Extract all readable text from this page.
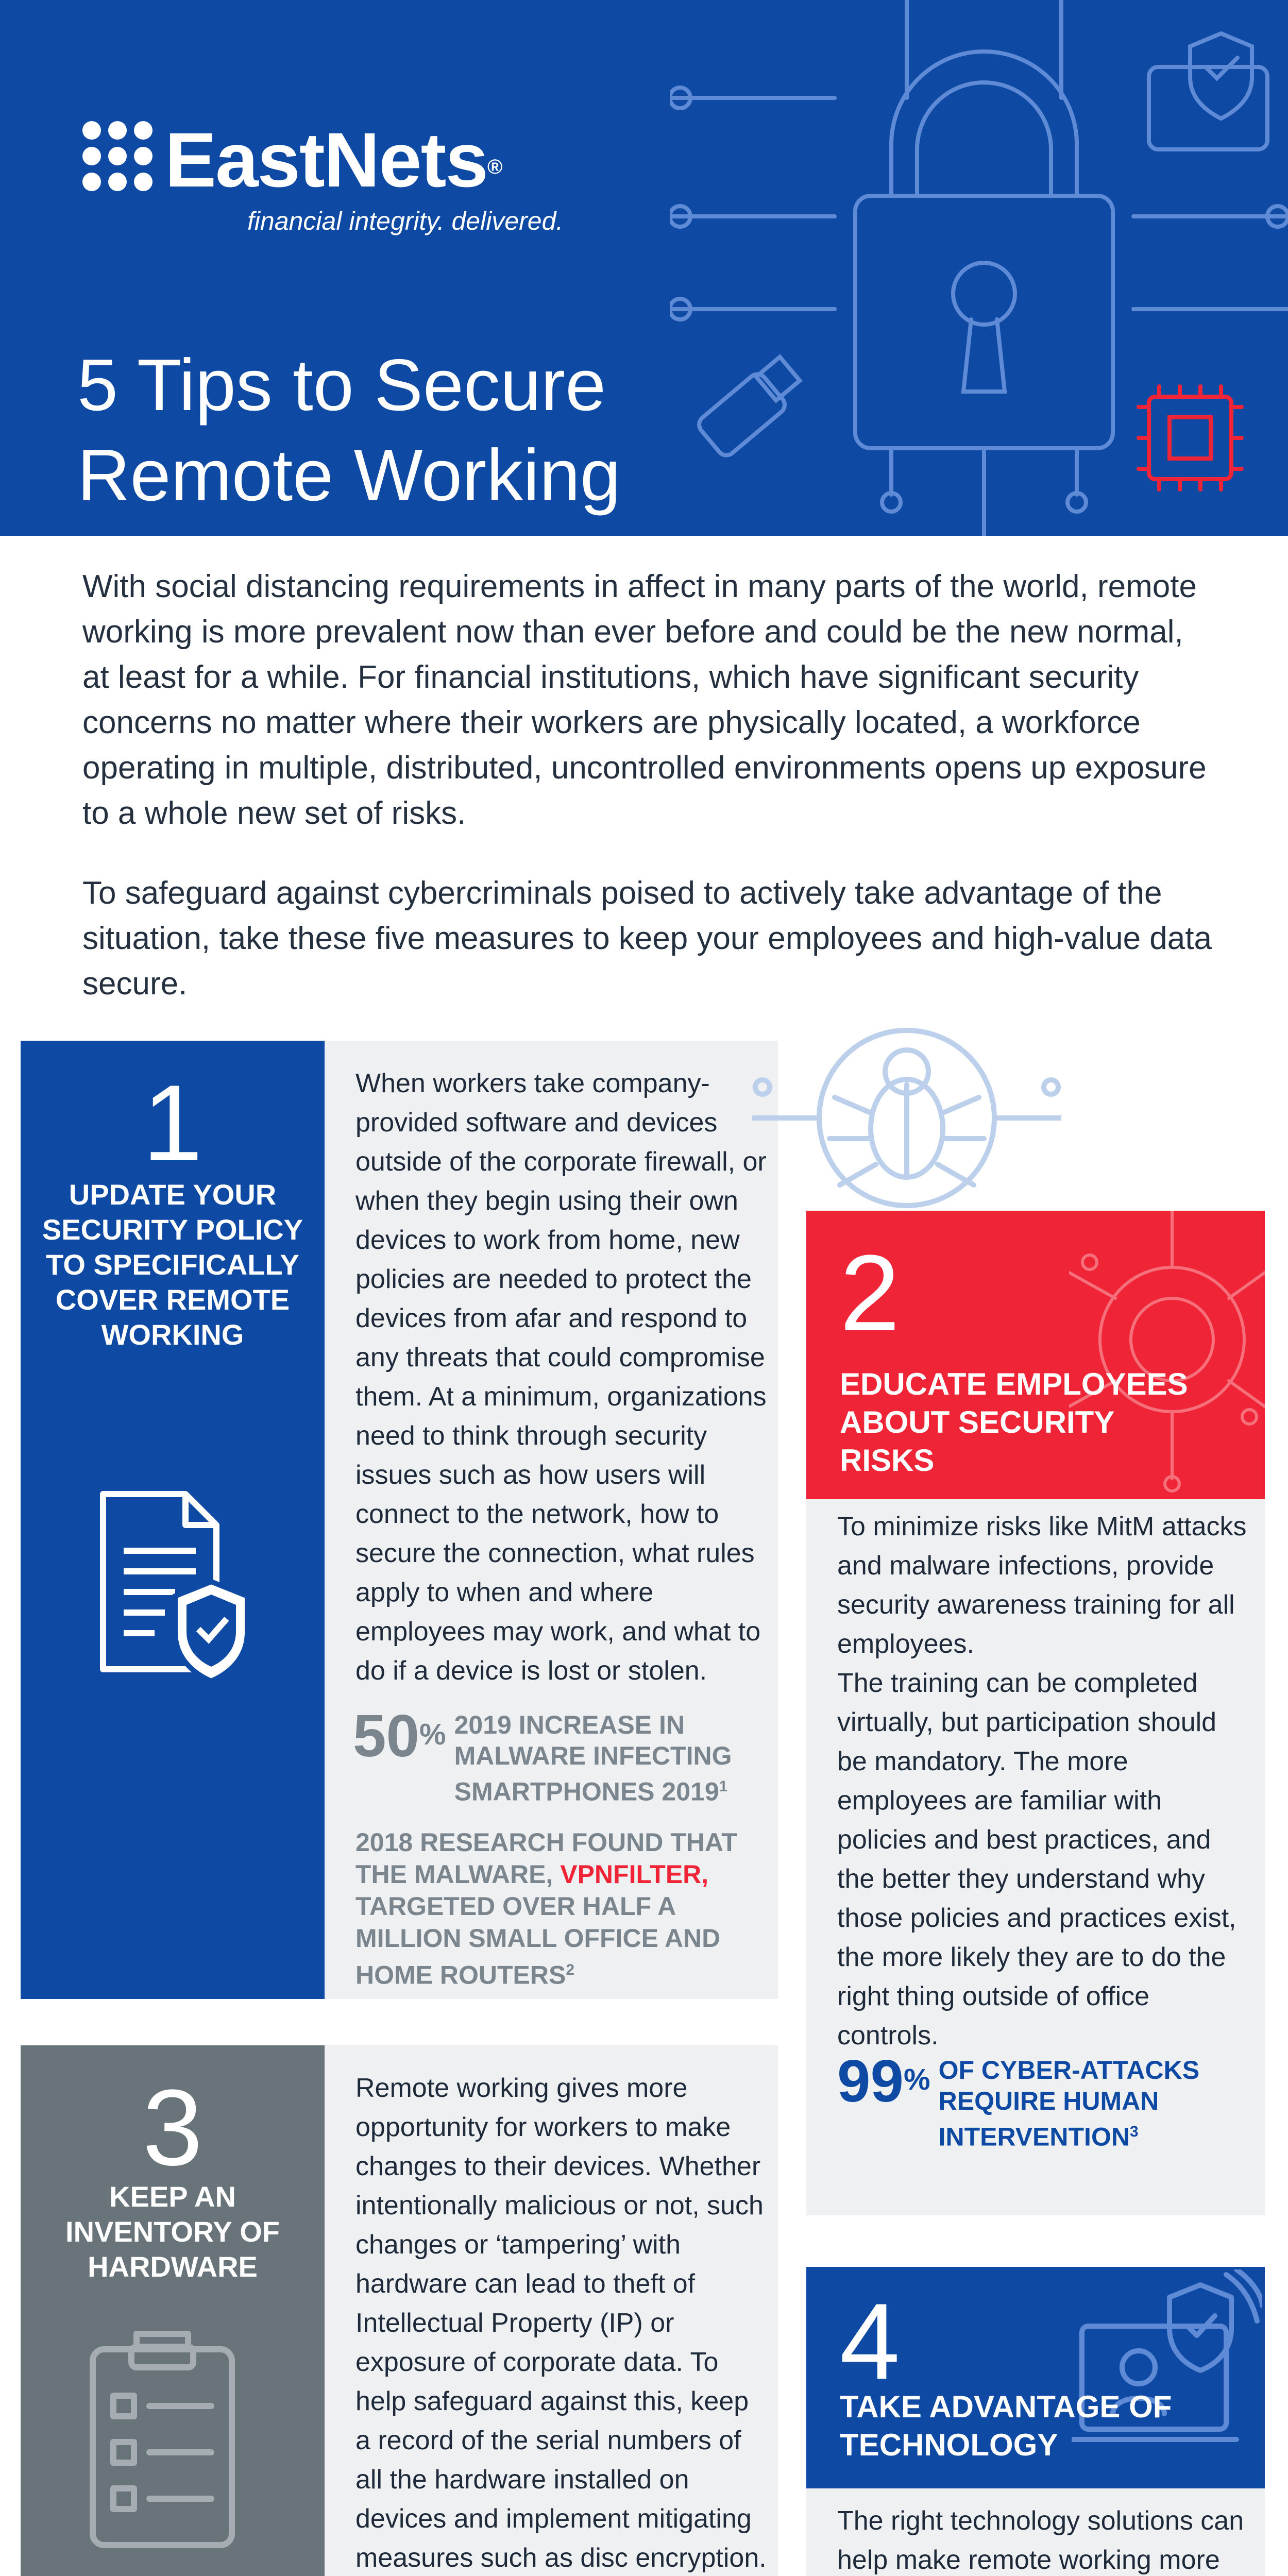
EastNets®
financial integrity. delivered.
5 Tips to Secure Remote Working

With social distancing requirements in affect in many parts of the world, remote working is more prevalent now than ever before and could be the new normal, at least for a while. For financial institutions, which have significant security concerns no matter where their workers are physically located, a workforce operating in multiple, distributed, uncontrolled environments opens up exposure to a whole new set of risks.

To safeguard against cybercriminals poised to actively take advantage of the situation, take these five measures to keep your employees and high-value data secure.

1
UPDATE YOUR SECURITY POLICY TO SPECIFICALLY COVER REMOTE WORKING
When workers take company-provided software and devices outside of the corporate firewall, or when they begin using their own devices to work from home, new policies are needed to protect the devices from afar and respond to any threats that could compromise them. At a minimum, organizations need to think through security issues such as how users will connect to the network, how to secure the connection, what rules apply to when and where employees may work, and what to do if a device is lost or stolen.
50% 2019 INCREASE IN MALWARE INFECTING SMARTPHONES 2019$^1$
2018 RESEARCH FOUND THAT THE MALWARE, VPNFILTER, TARGETED OVER HALF A MILLION SMALL OFFICE AND HOME ROUTERS$^2$
2
EDUCATE EMPLOYEES ABOUT SECURITY RISKS

To minimize risks like MitM attacks and malware infections, provide security awareness training for all employees.

The training can be completed virtually, but participation should be mandatory. The more employees are familiar with policies and best practices, and the better they understand why those policies and practices exist, the more likely they are to do the right thing outside of office controls.

99% OF CYBER-ATTACKS REQUIRE HUMAN INTERVENTION$^3$
3
KEEP AN INVENTORY OF HARDWARE
Remote working gives more opportunity for workers to make changes to their devices. Whether intentionally malicious or not, such changes or ‘tampering’ with hardware can lead to theft of Intellectual Property (IP) or exposure of corporate data. To help safeguard against this, keep a record of the serial numbers of all the hardware installed on devices and implement mitigating measures such as disc encryption.
4
TAKE ADVANTAGE OF TECHNOLOGY

The right technology solutions can help make remote working more
